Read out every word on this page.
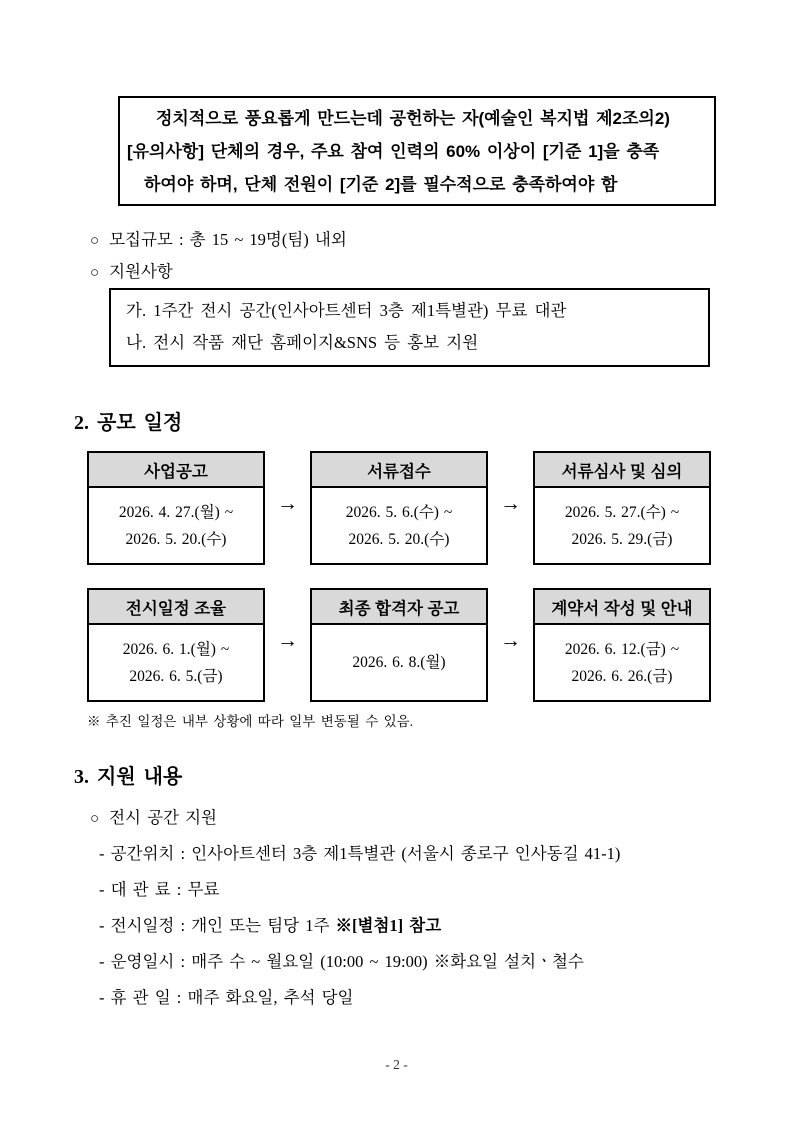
정치적으로 풍요롭게 만드는데 공헌하는 자(예술인 복지법 제2조의2)
[유의사항] 단체의 경우, 주요 참여 인력의 60% 이상이 [기준 1]을 충족
하여야 하며, 단체 전원이 [기준 2]를 필수적으로 충족하여야 함
○ 모집규모 : 총 15 ~ 19명(팀) 내외
○ 지원사항
가. 1주간 전시 공간(인사아트센터 3층 제1특별관) 무료 대관
나. 전시 작품 재단 홈페이지&SNS 등 홍보 지원
2. 공모 일정
사업공고
2026. 4. 27.(월) ~
2026. 5. 20.(수)
→
서류접수
2026. 5. 6.(수) ~
2026. 5. 20.(수)
→
서류심사 및 심의
2026. 5. 27.(수) ~
2026. 5. 29.(금)
전시일정 조율
2026. 6. 1.(월) ~
2026. 6. 5.(금)
→
최종 합격자 공고
2026. 6. 8.(월)
→
계약서 작성 및 안내
2026. 6. 12.(금) ~
2026. 6. 26.(금)
※ 추진 일정은 내부 상황에 따라 일부 변동될 수 있음.
3. 지원 내용
○ 전시 공간 지원
- 공간위치 : 인사아트센터 3층 제1특별관 (서울시 종로구 인사동길 41-1)
- 대 관 료 : 무료
- 전시일정 : 개인 또는 팀당 1주 ※[별첨1] 참고
- 운영일시 : 매주 수 ~ 월요일 (10:00 ~ 19:00) ※화요일 설치ㆍ철수
- 휴 관 일 : 매주 화요일, 추석 당일
- 2 -
